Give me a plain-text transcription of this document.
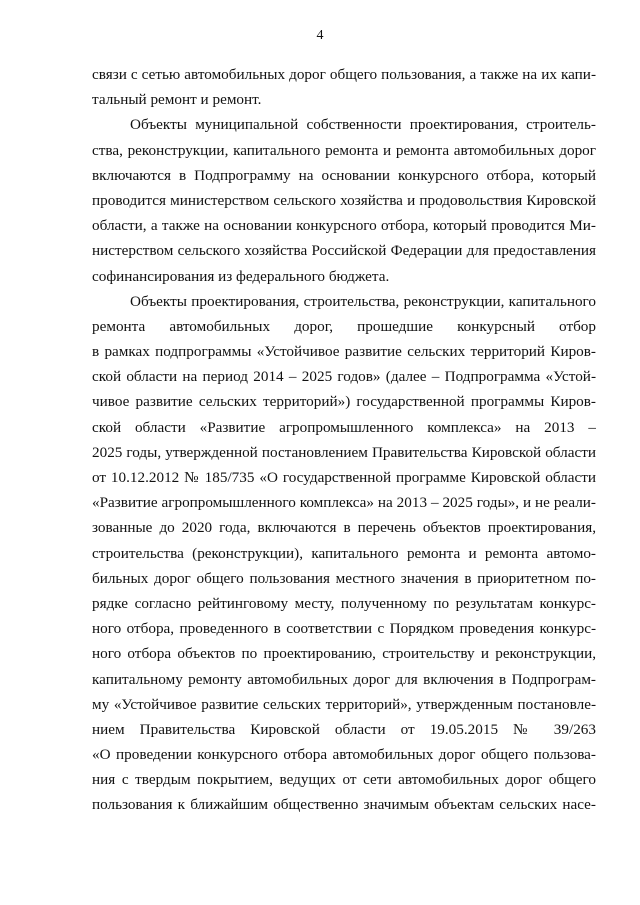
4
связи с сетью автомобильных дорог общего пользования, а также на их капи-
тальный ремонт и ремонт.
Объекты муниципальной собственности проектирования, строитель-
ства, реконструкции, капитального ремонта и ремонта автомобильных дорог
включаются в Подпрограмму на основании конкурсного отбора, который
проводится министерством сельского хозяйства и продовольствия Кировской
области, а также на основании конкурсного отбора, который проводится Ми-
нистерством сельского хозяйства Российской Федерации для предоставления
софинансирования из федерального бюджета.
Объекты проектирования, строительства, реконструкции, капитального
ремонта автомобильных дорог, прошедшие конкурсный отбор
в рамках подпрограммы «Устойчивое развитие сельских территорий Киров-
ской области на период 2014 – 2025 годов» (далее – Подпрограмма «Устой-
чивое развитие сельских территорий») государственной программы Киров-
ской области «Развитие агропромышленного комплекса» на 2013 –
2025 годы, утвержденной постановлением Правительства Кировской области
от 10.12.2012 № 185/735 «О государственной программе Кировской области
«Развитие агропромышленного комплекса» на 2013 – 2025 годы», и не реали-
зованные до 2020 года, включаются в перечень объектов проектирования,
строительства (реконструкции), капитального ремонта и ремонта автомо-
бильных дорог общего пользования местного значения в приоритетном по-
рядке согласно рейтинговому месту, полученному по результатам конкурс-
ного отбора, проведенного в соответствии с Порядком проведения конкурс-
ного отбора объектов по проектированию, строительству и реконструкции,
капитальному ремонту автомобильных дорог для включения в Подпрограм-
му «Устойчивое развитие сельских территорий», утвержденным постановле-
нием Правительства Кировской области от 19.05.2015 № 39/263
«О проведении конкурсного отбора автомобильных дорог общего пользова-
ния с твердым покрытием, ведущих от сети автомобильных дорог общего
пользования к ближайшим общественно значимым объектам сельских насе-
